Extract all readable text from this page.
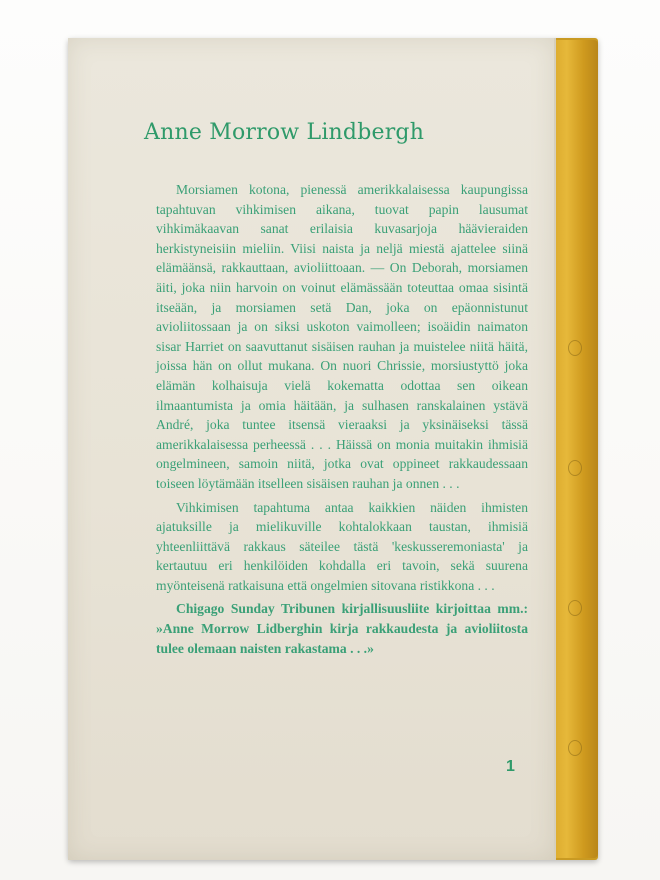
Anne Morrow Lindbergh

Morsiamen kotona, pienessä amerikkalaisessa kaupungissa tapahtuvan vihkimisen aikana, tuovat papin lausumat vihkimäkaavan sanat erilaisia kuvasarjoja häävieraiden herkistyneisiin mieliin. Viisi naista ja neljä miestä ajattelee siinä elämäänsä, rakkauttaan, avioliittoaan. — On Deborah, morsiamen äiti, joka niin harvoin on voinut elämässään toteuttaa omaa sisintä itseään, ja morsiamen setä Dan, joka on epäonnistunut avioliitossaan ja on siksi uskoton vaimolleen; isoäidin naimaton sisar Harriet on saavuttanut sisäisen rauhan ja muistelee niitä häitä, joissa hän on ollut mukana. On nuori Chrissie, morsiustyttö joka elämän kolhaisuja vielä kokematta odottaa sen oikean ilmaantumista ja omia häitään, ja sulhasen ranskalainen ystävä André, joka tuntee itsensä vieraaksi ja yksinäiseksi tässä amerikkalaisessa perheessä . . . Häissä on monia muitakin ihmisiä ongelmineen, samoin niitä, jotka ovat oppineet rakkaudessaan toiseen löytämään itselleen sisäisen rauhan ja onnen . . .

Vihkimisen tapahtuma antaa kaikkien näiden ihmisten ajatuksille ja mielikuville kohtalokkaan taustan, ihmisiä yhteenliittävä rakkaus säteilee tästä 'keskusseremoniasta' ja kertautuu eri henkilöiden kohdalla eri tavoin, sekä suurena myönteisenä ratkaisuna että ongelmien sitovana ristikkona . . .

Chigago Sunday Tribunen kirjallisuusliite kirjoittaa mm.: »Anne Morrow Lidberghin kirja rakkaudesta ja avioliitosta tulee olemaan naisten rakastama . . .»

1
